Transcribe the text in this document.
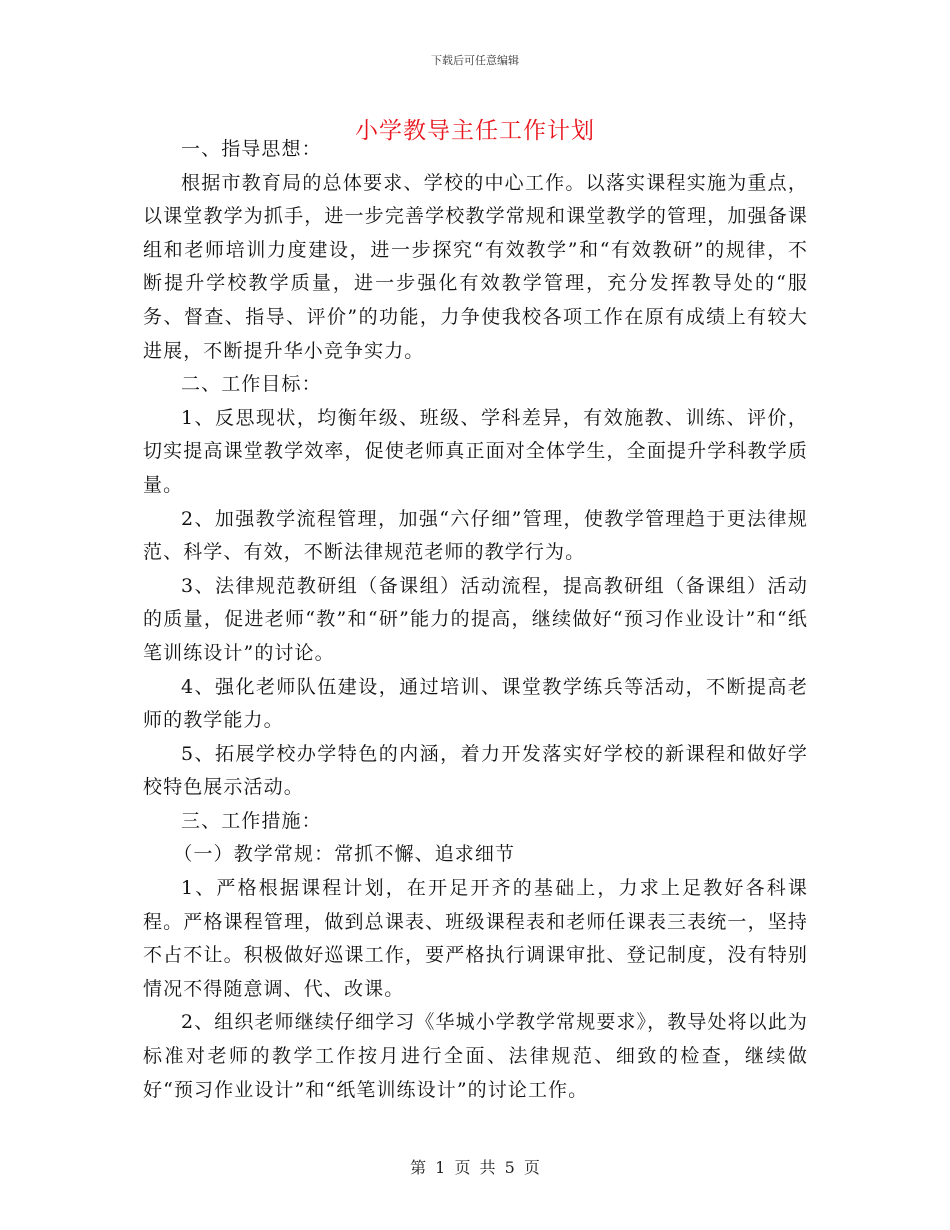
下载后可任意编辑
小学教导主任工作计划

一、指导思想：

根据市教育局的总体要求、学校的中心工作。以落实课程实施为重点，以课堂教学为抓手，进一步完善学校教学常规和课堂教学的管理，加强备课组和老师培训力度建设，进一步探究“有效教学”和“有效教研”的规律，不断提升学校教学质量，进一步强化有效教学管理，充分发挥教导处的“服务、督查、指导、评价”的功能，力争使我校各项工作在原有成绩上有较大进展，不断提升华小竞争实力。

二、工作目标：

1、反思现状，均衡年级、班级、学科差异，有效施教、训练、评价，切实提高课堂教学效率，促使老师真正面对全体学生，全面提升学科教学质量。

2、加强教学流程管理，加强“六仔细”管理，使教学管理趋于更法律规范、科学、有效，不断法律规范老师的教学行为。

3、法律规范教研组（备课组）活动流程，提高教研组（备课组）活动的质量，促进老师“教”和“研”能力的提高，继续做好“预习作业设计”和“纸笔训练设计”的讨论。

4、强化老师队伍建设，通过培训、课堂教学练兵等活动，不断提高老师的教学能力。

5、拓展学校办学特色的内涵，着力开发落实好学校的新课程和做好学校特色展示活动。

三、工作措施：

（一）教学常规：常抓不懈、追求细节

1、严格根据课程计划，在开足开齐的基础上，力求上足教好各科课程。严格课程管理，做到总课表、班级课程表和老师任课表三表统一，坚持不占不让。积极做好巡课工作，要严格执行调课审批、登记制度，没有特别情况不得随意调、代、改课。

2、组织老师继续仔细学习《华城小学教学常规要求》，教导处将以此为标准对老师的教学工作按月进行全面、法律规范、细致的检查，继续做好“预习作业设计”和“纸笔训练设计”的讨论工作。

第 1 页 共 5 页
